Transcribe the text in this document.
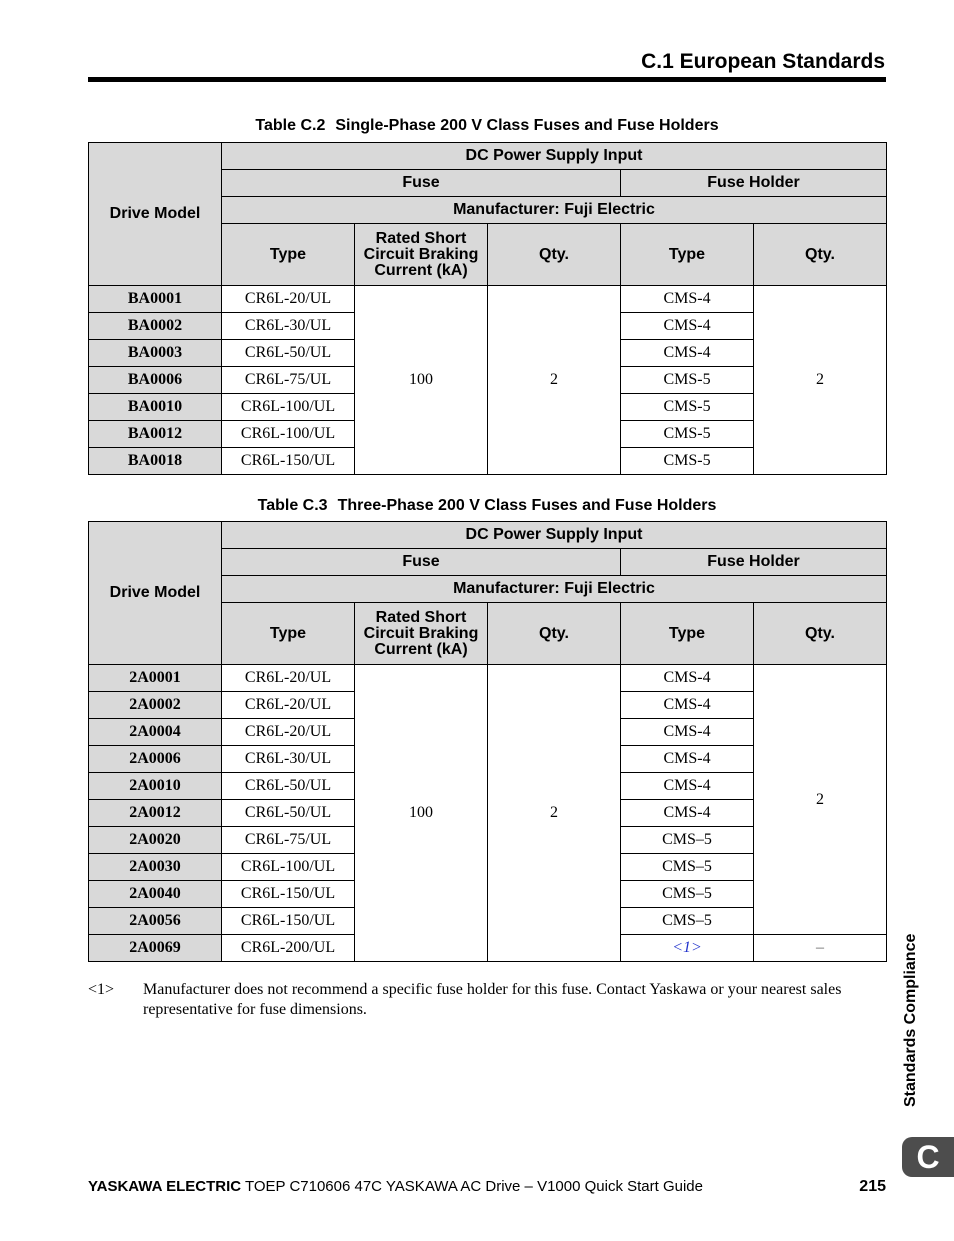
C.1 European Standards
Table C.2 Single-Phase 200 V Class Fuses and Fuse Holders
Drive Model	DC Power Supply Input				
	Fuse			Fuse Holder	
	Manufacturer: Fuji Electric				
	Type	Rated Short Circuit Braking Current (kA)	Qty.	Type	Qty.
BA0001	CR6L-20/UL	100	2	CMS-4	2
BA0002	CR6L-30/UL			CMS-4	
BA0003	CR6L-50/UL			CMS-4	
BA0006	CR6L-75/UL			CMS-5	
BA0010	CR6L-100/UL			CMS-5	
BA0012	CR6L-100/UL			CMS-5	
BA0018	CR6L-150/UL			CMS-5	
Table C.3 Three-Phase 200 V Class Fuses and Fuse Holders
Drive Model	DC Power Supply Input				
	Fuse			Fuse Holder	
	Manufacturer: Fuji Electric				
	Type	Rated Short Circuit Braking Current (kA)	Qty.	Type	Qty.
2A0001	CR6L-20/UL	100	2	CMS-4	2
2A0002	CR6L-20/UL			CMS-4	
2A0004	CR6L-20/UL			CMS-4	
2A0006	CR6L-30/UL			CMS-4	
2A0010	CR6L-50/UL			CMS-4	
2A0012	CR6L-50/UL			CMS-4	
2A0020	CR6L-75/UL			CMS–5	
2A0030	CR6L-100/UL			CMS–5	
2A0040	CR6L-150/UL			CMS–5	
2A0056	CR6L-150/UL			CMS–5	
2A0069	CR6L-200/UL			<1>	–
<1> Manufacturer does not recommend a specific fuse holder for this fuse. Contact Yaskawa or your nearest sales representative for fuse dimensions.	Standards Compliance
C
YASKAWA ELECTRIC TOEP C710606 47C YASKAWA AC Drive – V1000 Quick Start Guide	215
